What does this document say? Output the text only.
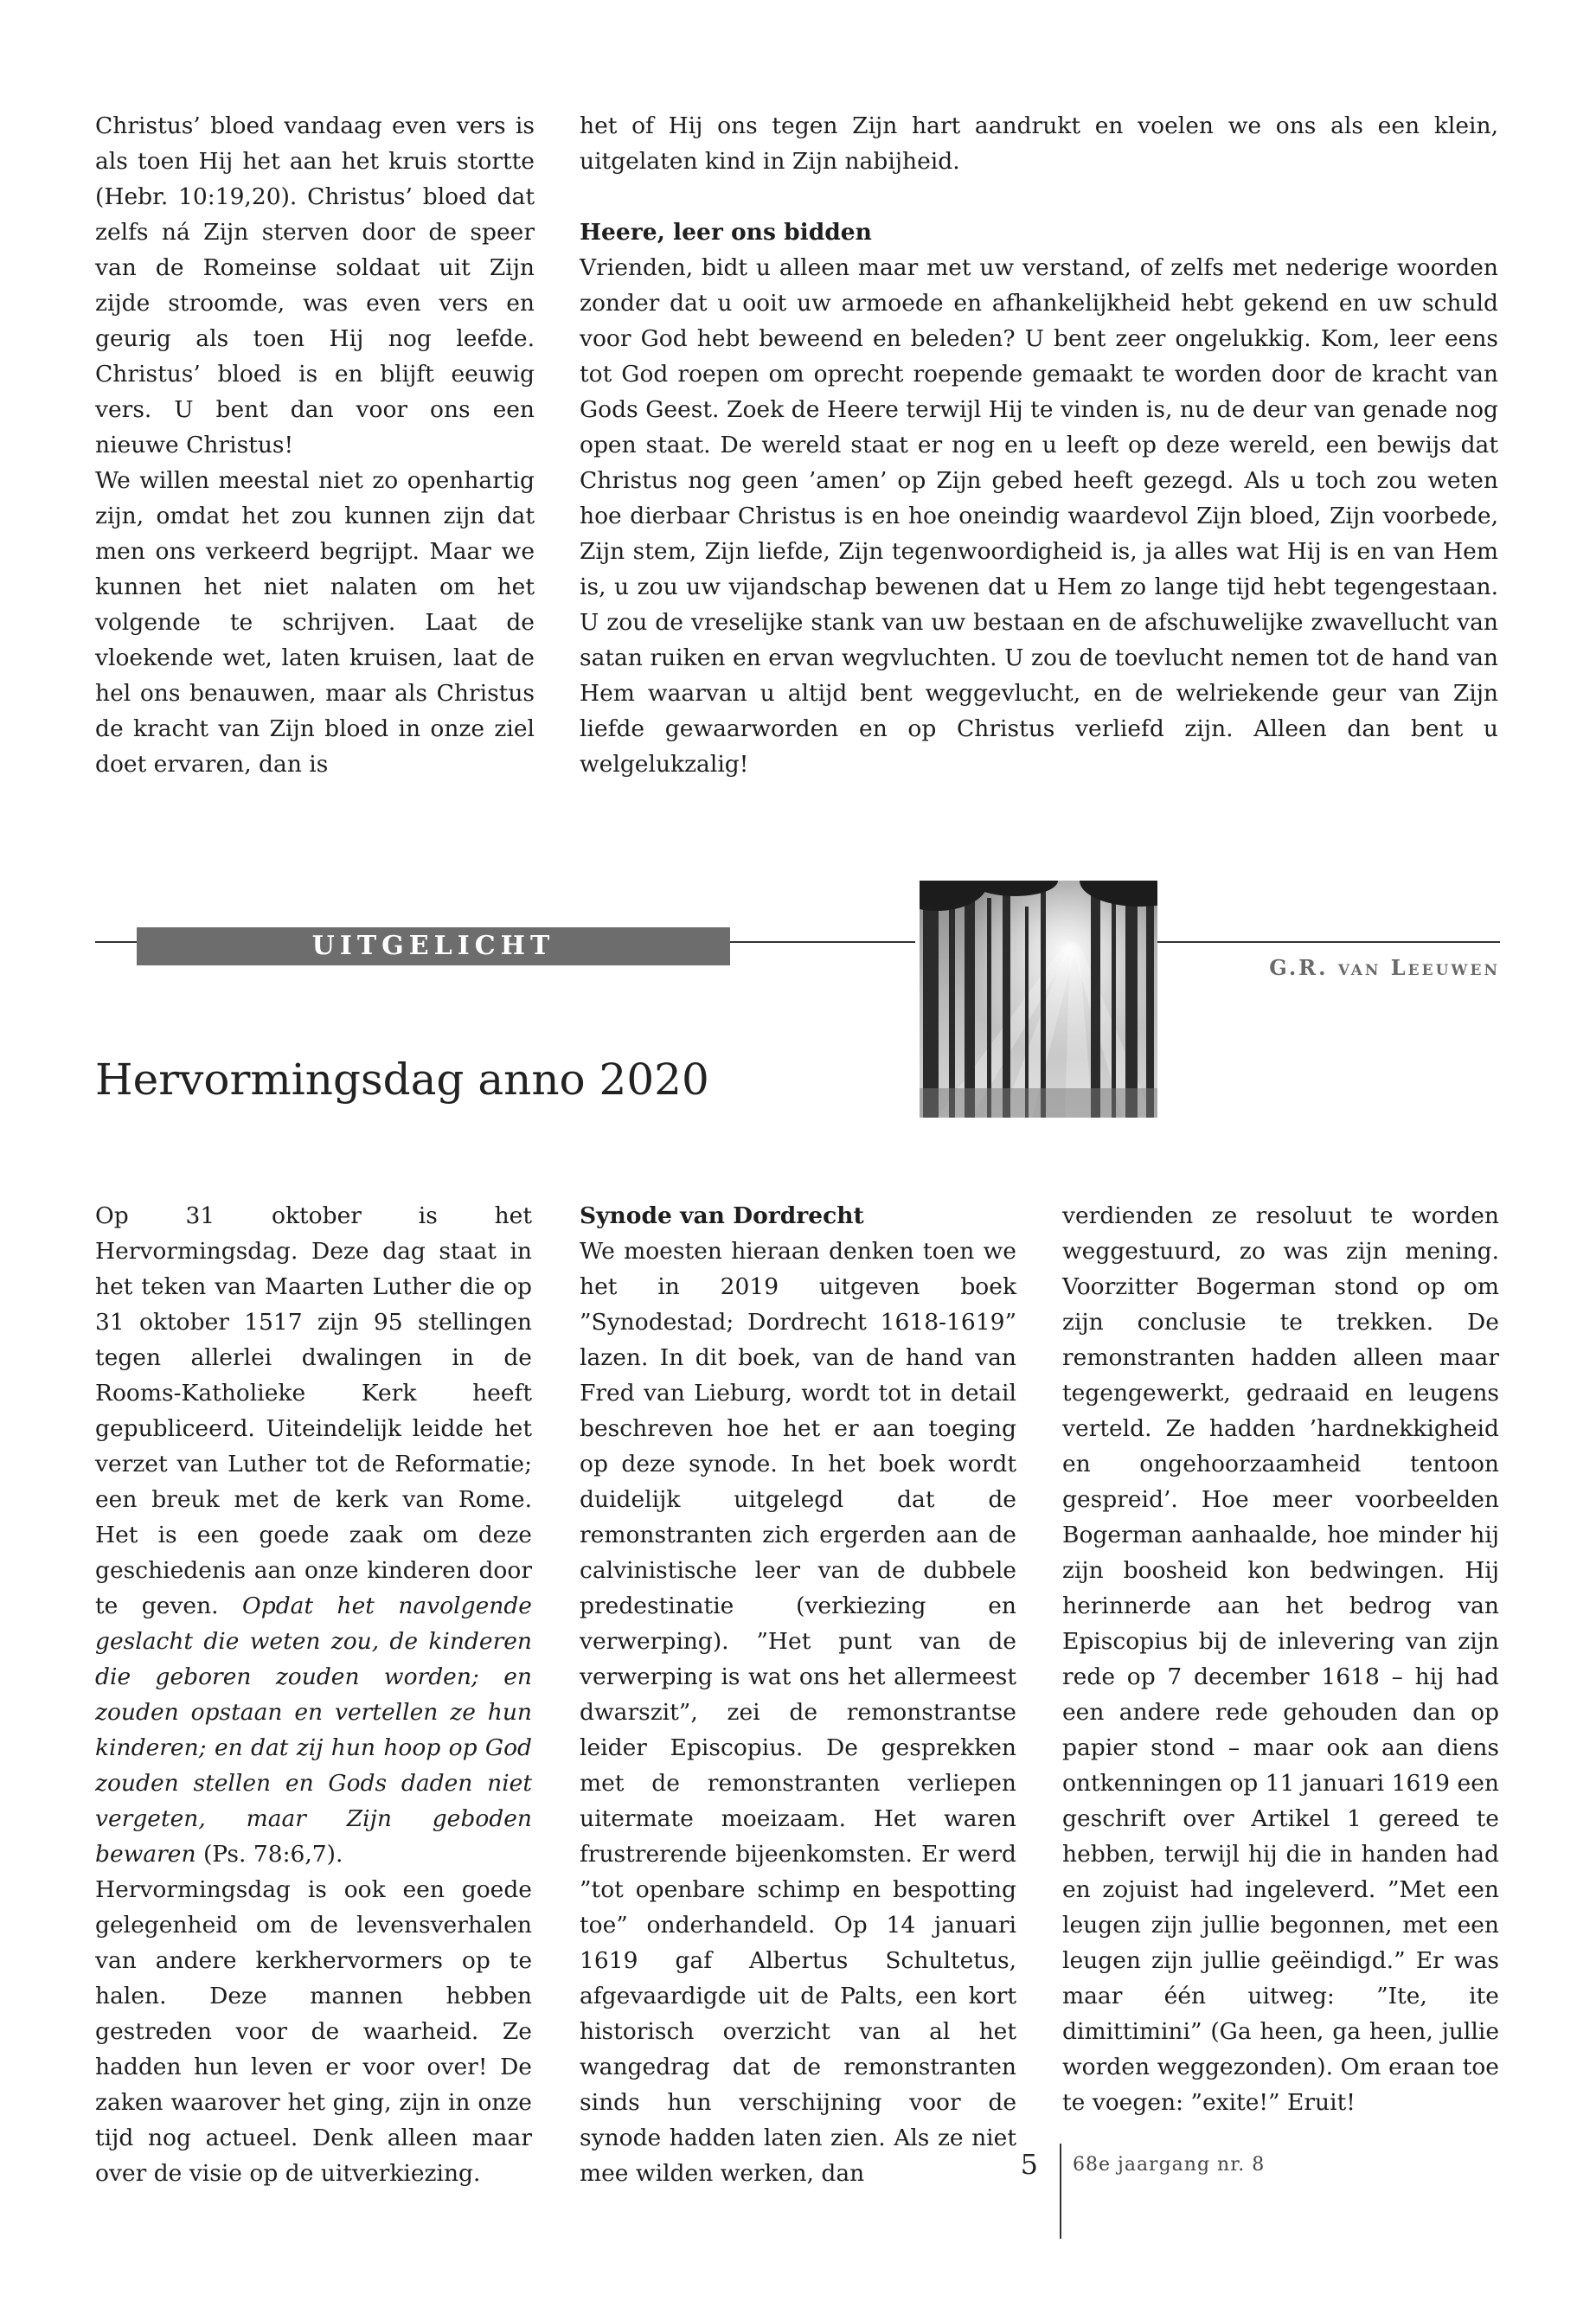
Christus’ bloed vandaag even vers is als toen Hij het aan het kruis stortte (Hebr. 10:19,20). Christus’ bloed dat zelfs ná Zijn sterven door de speer van de Romeinse soldaat uit Zijn zijde stroomde, was even vers en geurig als toen Hij nog leefde. Christus’ bloed is en blijft eeuwig vers. U bent dan voor ons een nieuwe Christus!

We willen meestal niet zo openhartig zijn, omdat het zou kunnen zijn dat men ons verkeerd begrijpt. Maar we kunnen het niet nalaten om het volgende te schrijven. Laat de vloekende wet, laten kruisen, laat de hel ons benauwen, maar als Christus de kracht van Zijn bloed in onze ziel doet ervaren, dan is

het of Hij ons tegen Zijn hart aandrukt en voelen we ons als een klein, uitgelaten kind in Zijn nabijheid.

Heere, leer ons bidden

Vrienden, bidt u alleen maar met uw verstand, of zelfs met nederige woorden zonder dat u ooit uw armoede en afhankelijkheid hebt gekend en uw schuld voor God hebt beweend en beleden? U bent zeer ongelukkig. Kom, leer eens tot God roepen om oprecht roepende gemaakt te worden door de kracht van Gods Geest. Zoek de Heere terwijl Hij te vinden is, nu de deur van genade nog open staat. De wereld staat er nog en u leeft op deze wereld, een bewijs dat Christus nog geen ’amen’ op Zijn gebed heeft gezegd. Als u toch zou weten hoe dierbaar Christus is en hoe oneindig waardevol Zijn bloed, Zijn voorbede, Zijn stem, Zijn liefde, Zijn tegenwoordigheid is, ja alles wat Hij is en van Hem is, u zou uw vijandschap bewenen dat u Hem zo lange tijd hebt tegengestaan. U zou de vreselijke stank van uw bestaan en de afschuwelijke zwavellucht van satan ruiken en ervan wegvluchten. U zou de toevlucht nemen tot de hand van Hem waarvan u altijd bent weggevlucht, en de welriekende geur van Zijn liefde gewaarworden en op Christus verliefd zijn. Alleen dan bent u welgelukzalig!

UITGELICHT
G.R. van Leeuwen
Hervormingsdag anno 2020

Op 31 oktober is het Hervormingsdag. Deze dag staat in het teken van Maarten Luther die op 31 oktober 1517 zijn 95 stellingen tegen allerlei dwalingen in de Rooms-Katholieke Kerk heeft gepubliceerd. Uiteindelijk leidde het verzet van Luther tot de Reformatie; een breuk met de kerk van Rome. Het is een goede zaak om deze geschiedenis aan onze kinderen door te geven. Opdat het navolgende geslacht die weten zou, de kinderen die geboren zouden worden; en zouden opstaan en vertellen ze hun kinderen; en dat zij hun hoop op God zouden stellen en Gods daden niet vergeten, maar Zijn geboden bewaren (Ps. 78:6,7).

Hervormingsdag is ook een goede gelegenheid om de levensverhalen van andere kerkhervormers op te halen. Deze mannen hebben gestreden voor de waarheid. Ze hadden hun leven er voor over! De zaken waarover het ging, zijn in onze tijd nog actueel. Denk alleen maar over de visie op de uitverkiezing.

Synode van Dordrecht

We moesten hieraan denken toen we het in 2019 uitgeven boek ”Synodestad; Dordrecht 1618-1619” lazen. In dit boek, van de hand van Fred van Lieburg, wordt tot in detail beschreven hoe het er aan toeging op deze synode. In het boek wordt duidelijk uitgelegd dat de remonstranten zich ergerden aan de calvinistische leer van de dubbele predestinatie (verkiezing en verwerping). ”Het punt van de verwerping is wat ons het allermeest dwarszit”, zei de remonstrantse leider Episcopius. De gesprekken met de remonstranten verliepen uitermate moeizaam. Het waren frustrerende bijeenkomsten. Er werd ”tot openbare schimp en bespotting toe” onderhandeld. Op 14 januari 1619 gaf Albertus Schultetus, afgevaardigde uit de Palts, een kort historisch overzicht van al het wangedrag dat de remonstranten sinds hun verschijning voor de synode hadden laten zien. Als ze niet mee wilden werken, dan

verdienden ze resoluut te worden weggestuurd, zo was zijn mening. Voorzitter Bogerman stond op om zijn conclusie te trekken. De remonstranten hadden alleen maar tegengewerkt, gedraaid en leugens verteld. Ze hadden ’hardnekkigheid en ongehoorzaamheid tentoon gespreid’. Hoe meer voorbeelden Bogerman aanhaalde, hoe minder hij zijn boosheid kon bedwingen. Hij herinnerde aan het bedrog van Episcopius bij de inlevering van zijn rede op 7 december 1618 – hij had een andere rede gehouden dan op papier stond – maar ook aan diens ontkenningen op 11 januari 1619 een geschrift over Artikel 1 gereed te hebben, terwijl hij die in handen had en zojuist had ingeleverd. ”Met een leugen zijn jullie begonnen, met een leugen zijn jullie geëindigd.” Er was maar één uitweg: ”Ite, ite dimittimini” (Ga heen, ga heen, jullie worden weggezonden). Om eraan toe te voegen: ”exite!” Eruit!

5 68e jaargang nr. 8
